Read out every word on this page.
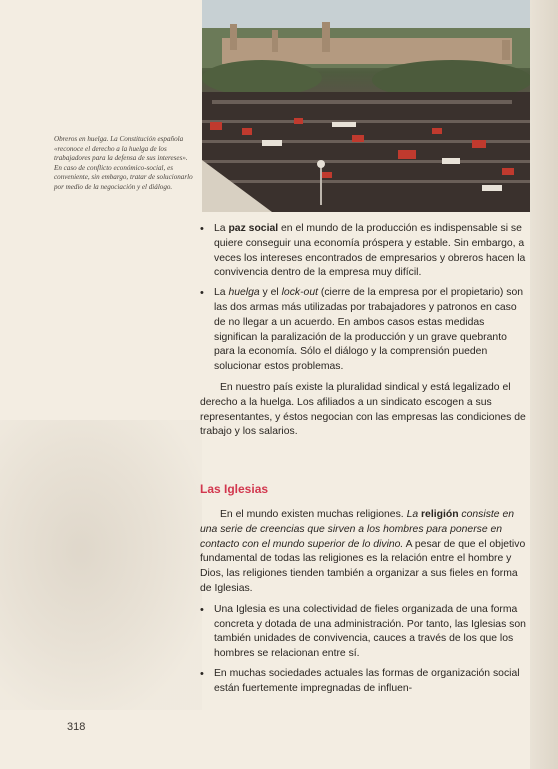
Obreros en huelga. La Constitución española «reconoce el derecho a la huelga de los trabajadores para la defensa de sus intereses». En caso de conflicto económico-social, es conveniente, sin embargo, tratar de solucionarlo por medio de la negociación y el diálogo.

• La paz social en el mundo de la producción es indispensable si se quiere conseguir una economía próspera y estable. Sin embargo, a veces los intereses encontrados de empresarios y obreros hacen la convivencia dentro de la empresa muy difícil.

• La huelga y el lock-out (cierre de la empresa por el propietario) son las dos armas más utilizadas por trabajadores y patronos en caso de no llegar a un acuerdo. En ambos casos estas medidas significan la paralización de la producción y un grave quebranto para la economía. Sólo el diálogo y la comprensión pueden solucionar estos problemas.

En nuestro país existe la pluralidad sindical y está legalizado el derecho a la huelga. Los afiliados a un sindicato escogen a sus representantes, y éstos negocian con las empresas las condiciones de trabajo y los salarios.

Las Iglesias

En el mundo existen muchas religiones. La religión consiste en una serie de creencias que sirven a los hombres para ponerse en contacto con el mundo superior de lo divino. A pesar de que el objetivo fundamental de todas las religiones es la relación entre el hombre y Dios, las religiones tienden también a organizar a sus fieles en forma de Iglesias.

• Una Iglesia es una colectividad de fieles organizada de una forma concreta y dotada de una administración. Por tanto, las Iglesias son también unidades de convivencia, cauces a través de los que los hombres se relacionan entre sí.

• En muchas sociedades actuales las formas de organización social están fuertemente impregnadas de influen-

318
